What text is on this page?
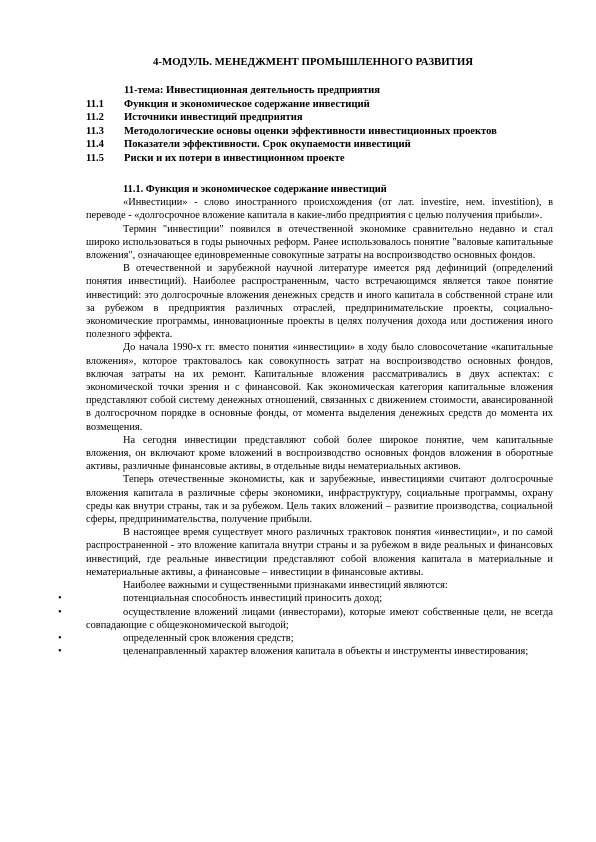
4-МОДУЛЬ. МЕНЕДЖМЕНТ ПРОМЫШЛЕННОГО РАЗВИТИЯ
11-тема: Инвестиционная деятельность предприятия
11.1	Функция и экономическое содержание инвестиций
11.2	Источники инвестиций предприятия
11.3	Методологические основы оценки эффективности инвестиционных проектов
11.4	Показатели эффективности. Срок окупаемости инвестиций
11.5	Риски и их потери в инвестиционном проекте

11.1. Функция и экономическое содержание инвестиций

«Инвестиции» - слово иностранного происхождения (от лат. investire, нем. investition), в переводе - «долгосрочное вложение капитала в какие-либо предприятия с целью получения прибыли».

Термин "инвестиции" появился в отечественной экономике сравнительно недавно и стал широко использоваться в годы рыночных реформ. Ранее использовалось понятие "валовые капитальные вложения", означающее единовременные совокупные затраты на воспроизводство основных фондов.

В отечественной и зарубежной научной литературе имеется ряд дефиниций (определений понятия инвестиций). Наиболее распространенным, часто встречающимся является такое понятие инвестиций: это долгосрочные вложения денежных средств и иного капитала в собственной стране или за рубежом в предприятия различных отраслей, предпринимательские проекты, социально-экономические программы, инновационные проекты в целях получения дохода или достижения иного полезного эффекта.

До начала 1990-х гг. вместо понятия «инвестиции» в ходу было словосочетание «капитальные вложения», которое трактовалось как совокупность затрат на воспроизводство основных фондов, включая затраты на их ремонт. Капитальные вложения рассматривались в двух аспектах: с экономической точки зрения и с финансовой. Как экономическая категория капитальные вложения представляют собой систему денежных отношений, связанных с движением стоимости, авансированной в долгосрочном порядке в основные фонды, от момента выделения денежных средств до момента их возмещения.

На сегодня инвестиции представляют собой более широкое понятие, чем капитальные вложения, он включают кроме вложений в воспроизводство основных фондов вложения в оборотные активы, различные финансовые активы, в отдельные виды нематериальных активов.

Теперь отечественные экономисты, как и зарубежные, инвестициями считают долгосрочные вложения капитала в различные сферы экономики, инфраструктуру, социальные программы, охрану среды как внутри страны, так и за рубежом. Цель таких вложений – развитие производства, социальной сферы, предпринимательства, получение прибыли.

В настоящее время существует много различных трактовок понятия «инвестиции», и по самой распространенной - это вложение капитала внутри страны и за рубежом в виде реальных и финансовых инвестиций, где реальные инвестиции представляют собой вложения капитала в материальные и нематериальные активы, а финансовые – инвестиции в финансовые активы.

Наиболее важными и существенными признаками инвестиций являются:

•	потенциальная способность инвестиций приносить доход;
•	осуществление вложений лицами (инвесторами), которые имеют собственные цели, не всегда совпадающие с общеэкономической выгодой;
•	определенный срок вложения средств;
•	целенаправленный характер вложения капитала в объекты и инструменты инвестирования;
